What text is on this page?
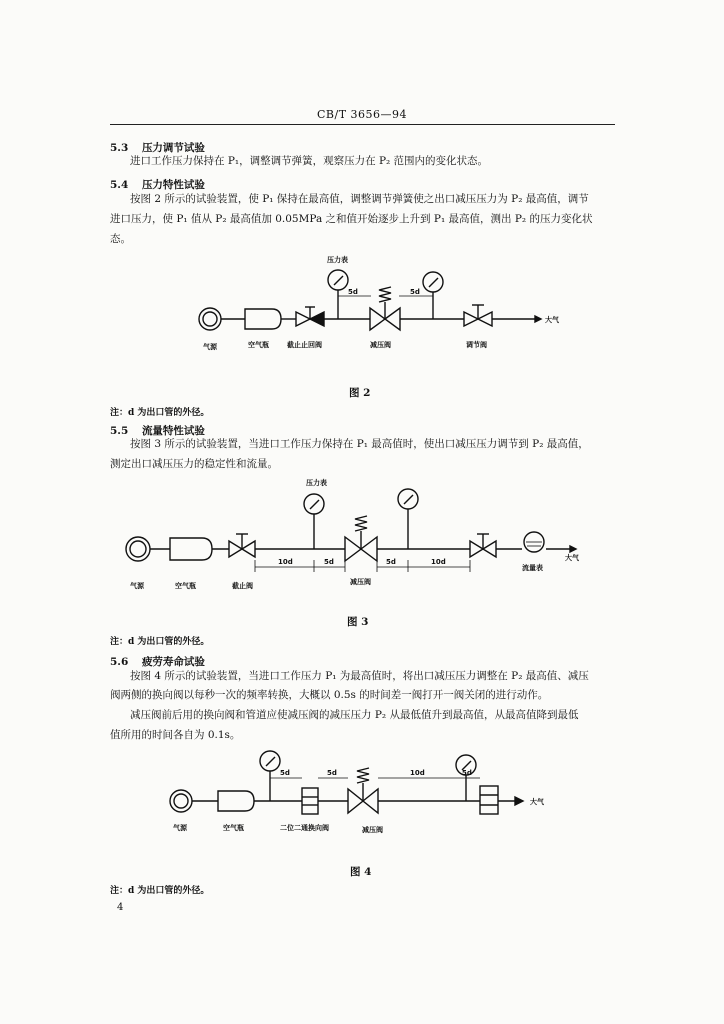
CB/T 3656—94
5.3 压力调节试验
进口工作压力保持在 P₁，调整调节弹簧，观察压力在 P₂ 范围内的变化状态。
5.4 压力特性试验
按图 2 所示的试验装置，使 P₁ 保持在最高值，调整调节弹簧使之出口减压压力为 P₂ 最高值，调节
进口压力，使 P₁ 值从 P₂ 最高值加 0.05MPa 之和值开始逐步上升到 P₁ 最高值，测出 P₂ 的压力变化状
态。
压力表
5d	5d
大气
气源	空气瓶	截止止回阀	减压阀	调节阀
图 2
注：d 为出口管的外径。
5.5 流量特性试验
按图 3 所示的试验装置，当进口工作压力保持在 P₁ 最高值时，使出口减压压力调节到 P₂ 最高值，
测定出口减压压力的稳定性和流量。
压力表
10d	5d	5d	10d	大气
气源	空气瓶	截止阀	减压阀
流量表
图 3
注：d 为出口管的外径。
5.6 疲劳寿命试验
按图 4 所示的试验装置，当进口工作压力 P₁ 为最高值时，将出口减压压力调整在 P₂ 最高值、减压
阀两侧的换向阀以每秒一次的频率转换，大概以 0.5s 的时间差一阀打开一阀关闭的进行动作。
减压阀前后用的换向阀和管道应使减压阀的减压压力 P₂ 从最低值升到最高值，从最高值降到最低
值所用的时间各自为 0.1s。
5d	5d	10d	5d
大气
气源	空气瓶	二位二通换向阀	减压阀
图 4
注：d 为出口管的外径。
4
